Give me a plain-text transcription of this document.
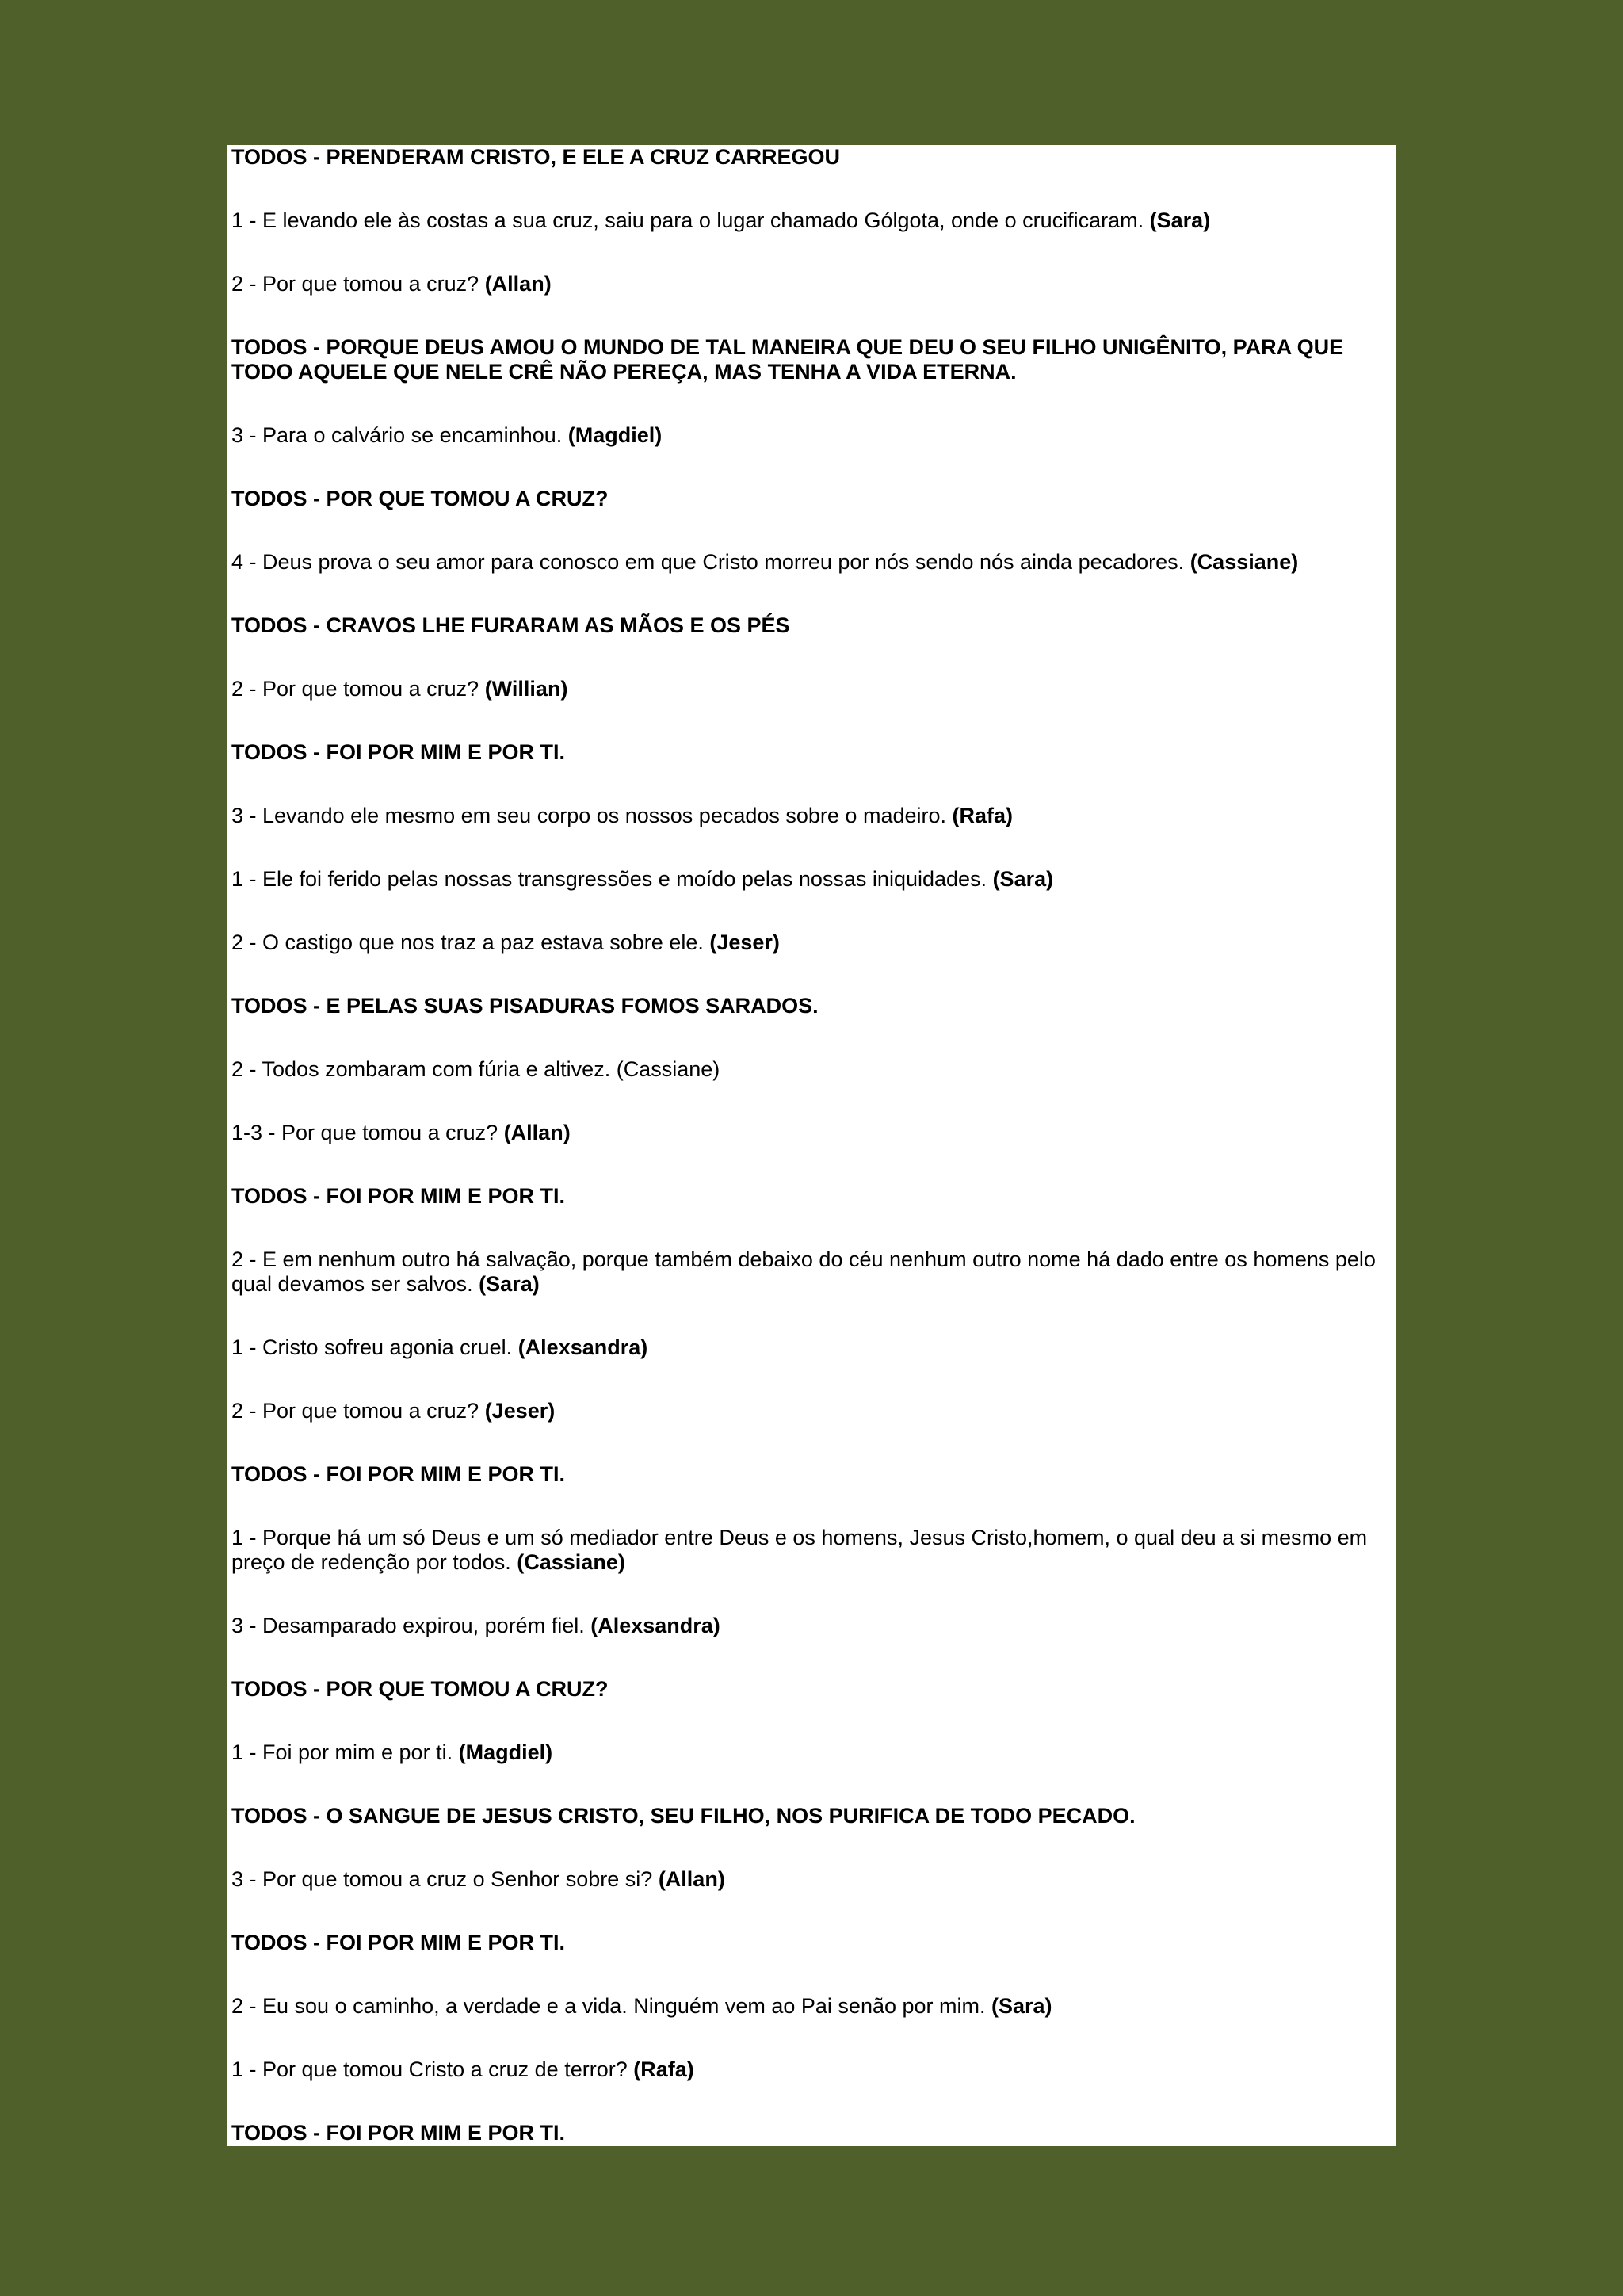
TODOS - PRENDERAM CRISTO, E ELE A CRUZ CARREGOU
1 - E levando ele às costas a sua cruz, saiu para o lugar chamado Gólgota, onde o crucificaram. (Sara)
2 - Por que tomou a cruz? (Allan)
TODOS - PORQUE DEUS AMOU O MUNDO DE TAL MANEIRA QUE DEU O SEU FILHO UNIGÊNITO, PARA QUE TODO AQUELE QUE NELE CRÊ NÃO PEREÇA, MAS TENHA A VIDA ETERNA.
3 - Para o calvário se encaminhou. (Magdiel)
TODOS - POR QUE TOMOU A CRUZ?
4 - Deus prova o seu amor para conosco em que Cristo morreu por nós sendo nós ainda pecadores. (Cassiane)
TODOS - CRAVOS LHE FURARAM AS MÃOS E OS PÉS
2 - Por que tomou a cruz? (Willian)
TODOS - FOI POR MIM E POR TI.
3 - Levando ele mesmo em seu corpo os nossos pecados sobre o madeiro. (Rafa)
1 - Ele foi ferido pelas nossas transgressões e moído pelas nossas iniquidades. (Sara)
2 - O castigo que nos traz a paz estava sobre ele. (Jeser)
TODOS - E PELAS SUAS PISADURAS FOMOS SARADOS.
2 - Todos zombaram com fúria e altivez. (Cassiane)
1-3 - Por que tomou a cruz? (Allan)
TODOS - FOI POR MIM E POR TI.
2 - E em nenhum outro há salvação, porque também debaixo do céu nenhum outro nome há dado entre os homens pelo qual devamos ser salvos. (Sara)
1 - Cristo sofreu agonia cruel. (Alexsandra)
2 - Por que tomou a cruz? (Jeser)
TODOS - FOI POR MIM E POR TI.
1 - Porque há um só Deus e um só mediador entre Deus e os homens, Jesus Cristo,homem, o qual deu a si mesmo em preço de redenção por todos. (Cassiane)
3 - Desamparado expirou, porém fiel. (Alexsandra)
TODOS - POR QUE TOMOU A CRUZ?
1 - Foi por mim e por ti. (Magdiel)
TODOS - O SANGUE DE JESUS CRISTO, SEU FILHO, NOS PURIFICA DE TODO PECADO.
3 - Por que tomou a cruz o Senhor sobre si? (Allan)
TODOS - FOI POR MIM E POR TI.
2 - Eu sou o caminho, a verdade e a vida. Ninguém vem ao Pai senão por mim. (Sara)
1 - Por que tomou Cristo a cruz de terror? (Rafa)
TODOS - FOI POR MIM E POR TI.
